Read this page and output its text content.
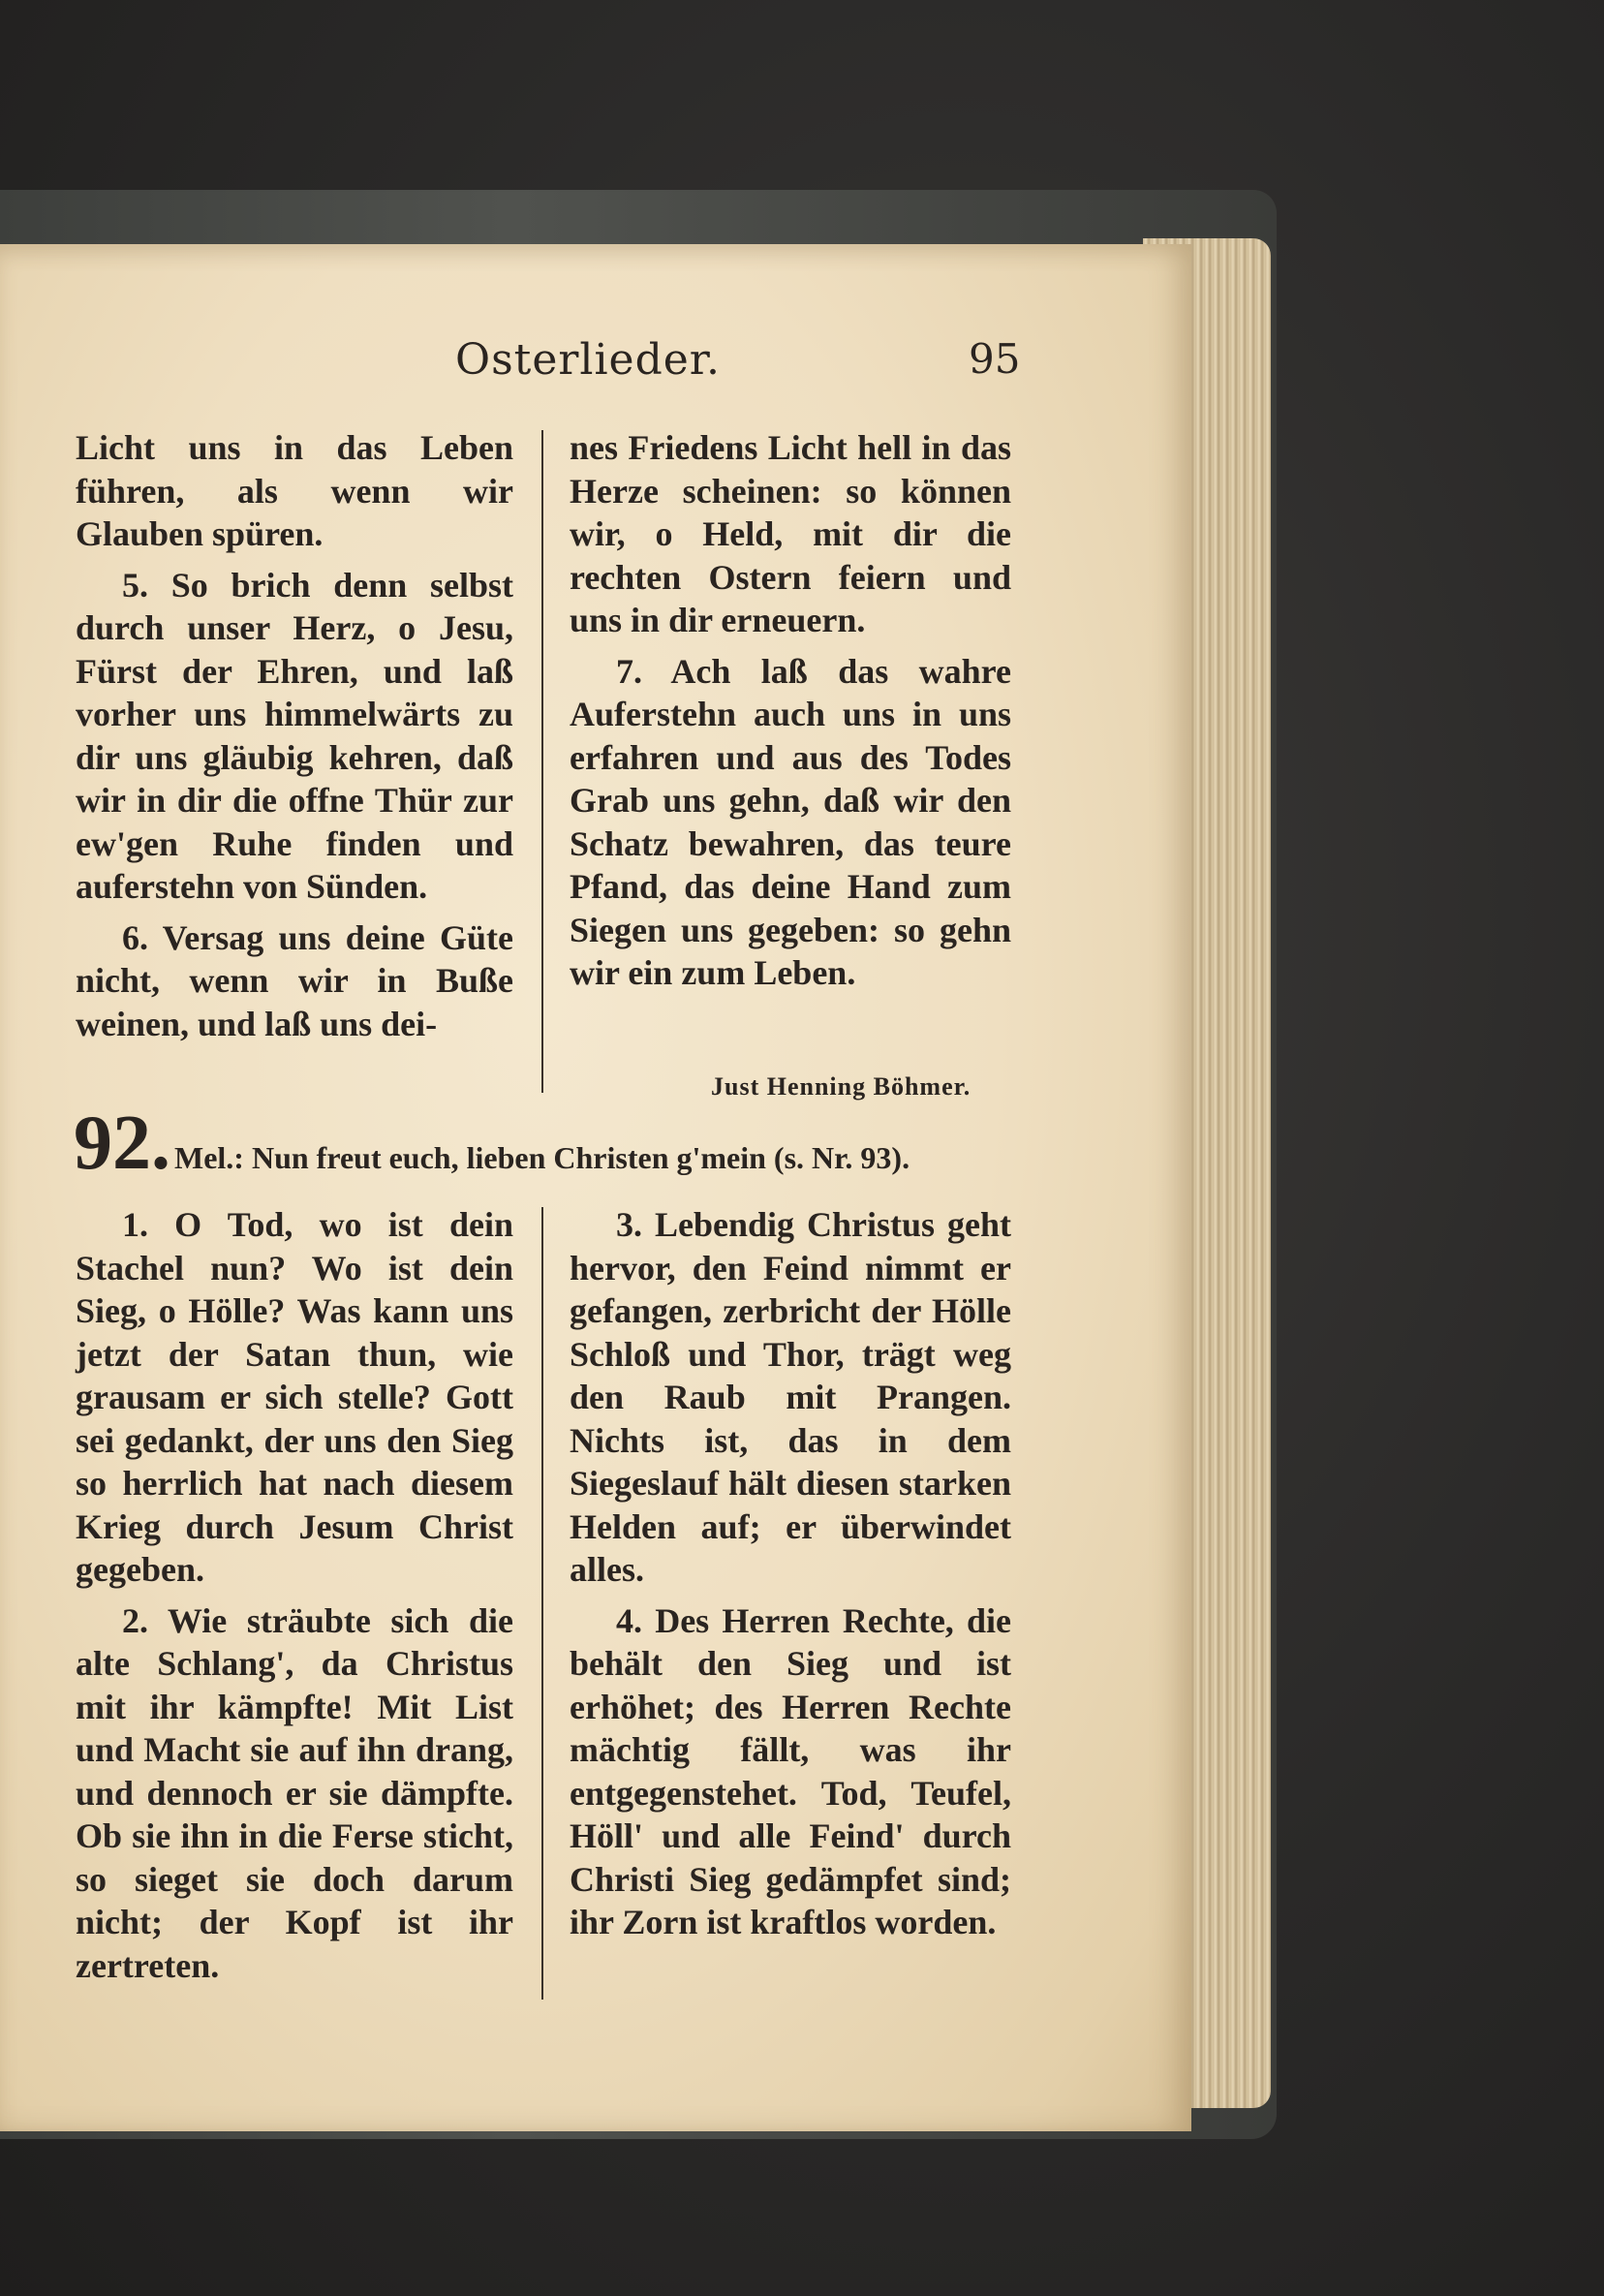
Osterlieder.	95

Licht uns in das Leben führen, als wenn wir Glauben spüren.

5. So brich denn selbst durch unser Herz, o Jesu, Fürst der Ehren, und laß vorher uns himmelwärts zu dir uns gläubig kehren, daß wir in dir die offne Thür zur ew'gen Ruhe finden und auferstehn von Sünden.

6. Versag uns deine Güte nicht, wenn wir in Buße weinen, und laß uns dei-

nes Friedens Licht hell in das Herze scheinen: so können wir, o Held, mit dir die rechten Ostern feiern und uns in dir erneuern.

7. Ach laß das wahre Auferstehn auch uns in uns erfahren und aus des Todes Grab uns gehn, daß wir den Schatz bewahren, das teure Pfand, das deine Hand zum Siegen uns gegeben: so gehn wir ein zum Leben.

Just Henning Böhmer.
92. Mel.: Nun freut euch, lieben Christen g'mein (s. Nr. 93).

1. O Tod, wo ist dein Stachel nun? Wo ist dein Sieg, o Hölle? Was kann uns jetzt der Satan thun, wie grausam er sich stelle? Gott sei gedankt, der uns den Sieg so herrlich hat nach diesem Krieg durch Jesum Christ gegeben.

2. Wie sträubte sich die alte Schlang', da Christus mit ihr kämpfte! Mit List und Macht sie auf ihn drang, und dennoch er sie dämpfte. Ob sie ihn in die Ferse sticht, so sieget sie doch darum nicht; der Kopf ist ihr zertreten.

3. Lebendig Christus geht hervor, den Feind nimmt er gefangen, zerbricht der Hölle Schloß und Thor, trägt weg den Raub mit Prangen. Nichts ist, das in dem Siegeslauf hält diesen starken Helden auf; er überwindet alles.

4. Des Herren Rechte, die behält den Sieg und ist erhöhet; des Herren Rechte mächtig fällt, was ihr entgegenstehet. Tod, Teufel, Höll' und alle Feind' durch Christi Sieg gedämpfet sind; ihr Zorn ist kraftlos worden.
